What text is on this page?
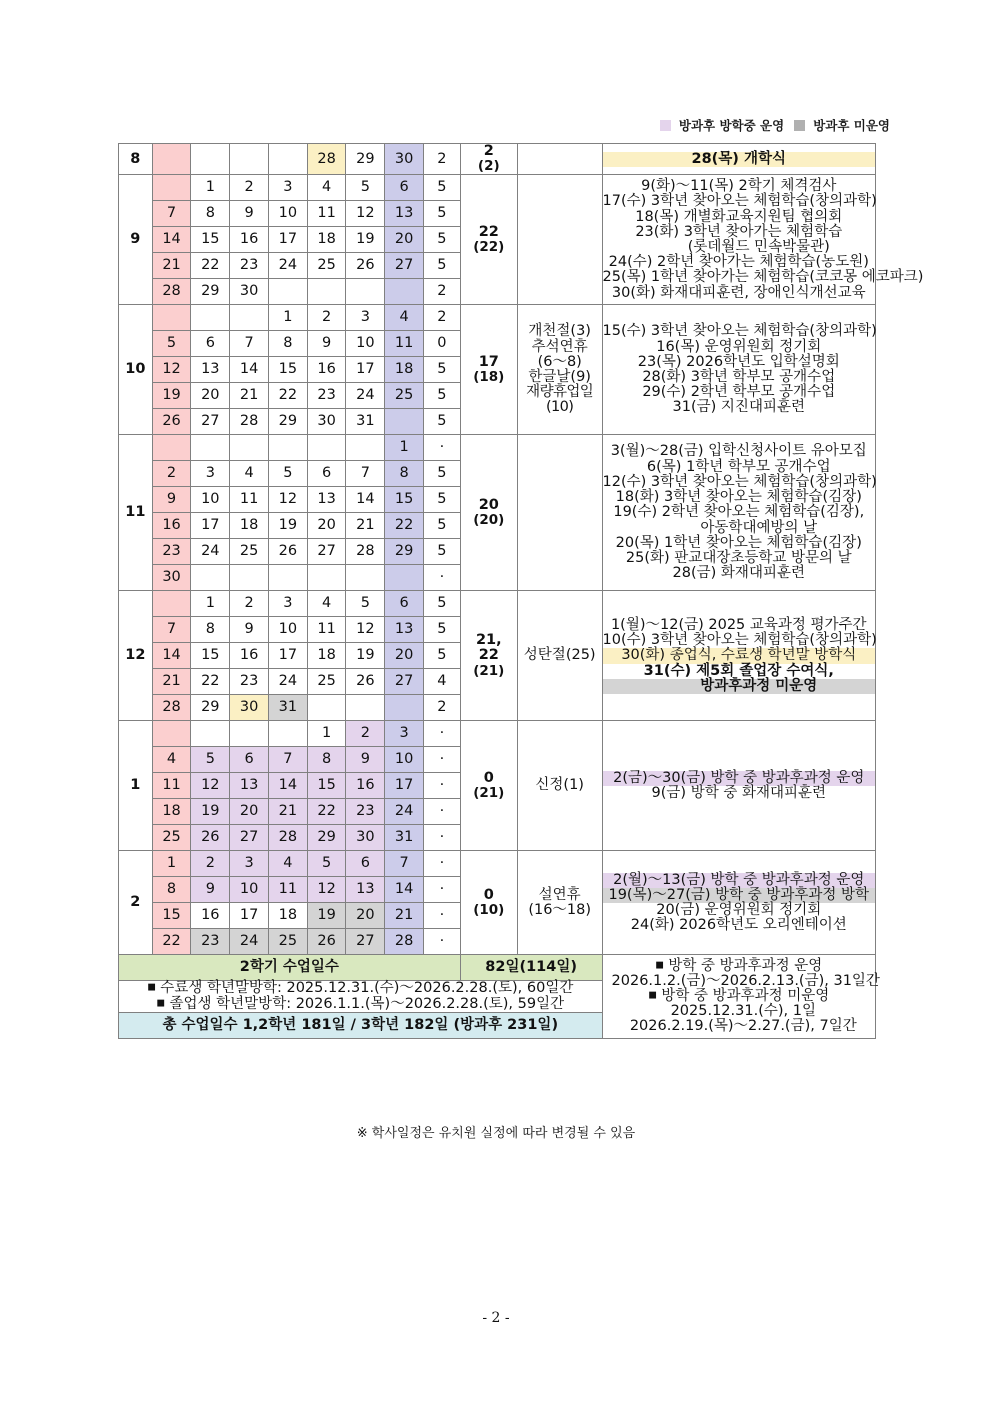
방과후 방학중 운영 방과후 미운영
8					28	29	30	2	2
(2)		28(목) 개학식

9		1	2	3	4	5	6	5	22
(22)		
9(화)〜11(목) 2학기 체격검사
17(수) 3학년 찾아오는 체험학습(창의과학)
18(목) 개별화교육지원팀 협의회
23(화) 3학년 찾아가는 체험학습
(롯데월드 민속박물관)
24(수) 2학년 찾아가는 체험학습(농도원)
25(목) 1학년 찾아가는 체험학습(코코몽 에코파크)
30(화) 화재대피훈련, 장애인식개선교육

	7	8	9	10	11	12	13	5			
	14	15	16	17	18	19	20	5			
	21	22	23	24	25	26	27	5			
	28	29	30					2			
10				1	2	3	4	2	17
(18)	
개천절(3)
추석연휴
(6〜8)
한글날(9)
재량휴업일(10)

15(수) 3학년 찾아오는 체험학습(창의과학)
16(목) 운영위원회 정기회
23(목) 2026학년도 입학설명회
28(화) 3학년 학부모 공개수업
29(수) 2학년 학부모 공개수업
31(금) 지진대피훈련

	5	6	7	8	9	10	11	0			
	12	13	14	15	16	17	18	5			
	19	20	21	22	23	24	25	5			
	26	27	28	29	30	31		5			
11							1	·	20
(20)		
3(월)〜28(금) 입학신청사이트 유아모집
6(목) 1학년 학부모 공개수업
12(수) 3학년 찾아오는 체험학습(창의과학)
18(화) 3학년 찾아오는 체험학습(김장)
19(수) 2학년 찾아오는 체험학습(김장),
아동학대예방의 날
20(목) 1학년 찾아오는 체험학습(김장)
25(화) 판교대장초등학교 방문의 날
28(금) 화재대피훈련

	2	3	4	5	6	7	8	5			
	9	10	11	12	13	14	15	5			
	16	17	18	19	20	21	22	5			
	23	24	25	26	27	28	29	5			
	30							·			
12		1	2	3	4	5	6	5	21,
22
(21)	
성탄절(25)

1(월)〜12(금) 2025 교육과정 평가주간
10(수) 3학년 찾아오는 체험학습(창의과학)
30(화) 종업식, 수료생 학년말 방학식
31(수) 제5회 졸업장 수여식,
방과후과정 미운영

	7	8	9	10	11	12	13	5			
	14	15	16	17	18	19	20	5			
	21	22	23	24	25	26	27	4			
	28	29	30	31				2			
1					1	2	3	·	0
(21)	신정(1)	2(금)〜30(금) 방학 중 방과후과정 운영
9(금) 방학 중 화재대피훈련

	4	5	6	7	8	9	10	·			
	11	12	13	14	15	16	17	·			
	18	19	20	21	22	23	24	·			
	25	26	27	28	29	30	31	·			
2	1	2	3	4	5	6	7	·	0
(10)	
설연휴
(16〜18)

2(월)〜13(금) 방학 중 방과후과정 운영
19(목)〜27(금) 방학 중 방과후과정 방학
20(금) 운영위원회 정기회
24(화) 2026학년도 오리엔테이션

	8	9	10	11	12	13	14	·			
	15	16	17	18	19	20	21	·			
	22	23	24	25	26	27	28	·			
2학기 수업일수									82일(114일)		■ 방학 중 방과후과정 운영
2026.1.2.(금)〜2026.2.13.(금), 31일간
■ 방학 중 방과후과정 미운영
2025.12.31.(수), 1일
2026.2.19.(목)〜2.27.(금), 7일간

■ 수료생 학년말방학: 2025.12.31.(수)〜2026.2.28.(토), 60일간
■ 졸업생 학년말방학: 2026.1.1.(목)〜2026.2.28.(토), 59일간											

총 수업일수 1,2학년 181일 / 3학년 182일 (방과후 231일)											
※ 학사일정은 유치원 실정에 따라 변경될 수 있음
- 2 -
